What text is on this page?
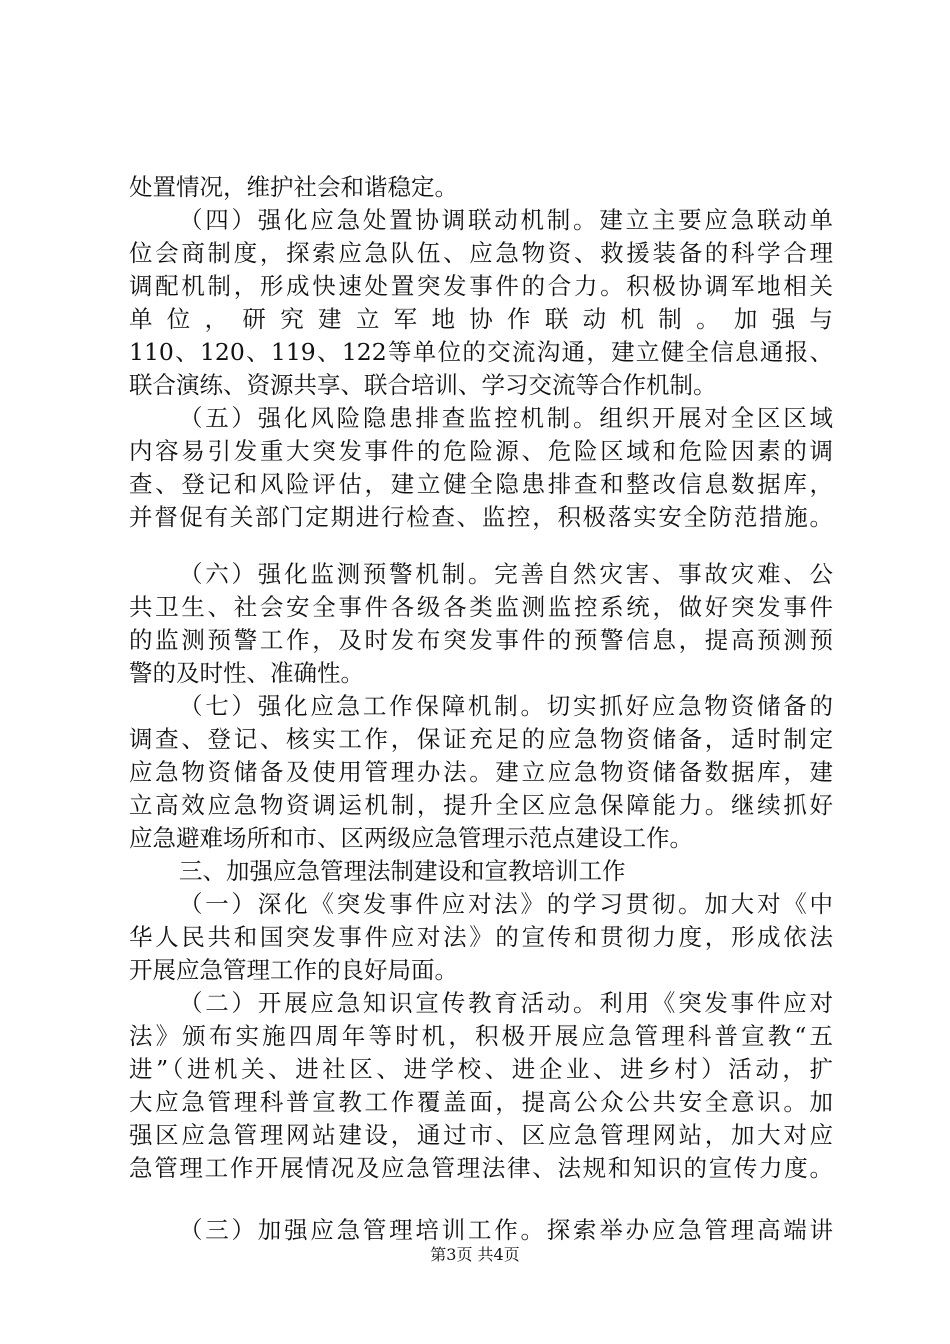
处置情况，维护社会和谐稳定。
（四）强化应急处置协调联动机制。建立主要应急联动单
位会商制度，探索应急队伍、应急物资、救援装备的科学合理
调配机制，形成快速处置突发事件的合力。积极协调军地相关
单位，研究建立军地协作联动机制。加强与
110、120、119、122等单位的交流沟通，建立健全信息通报、
联合演练、资源共享、联合培训、学习交流等合作机制。
（五）强化风险隐患排查监控机制。组织开展对全区区域
内容易引发重大突发事件的危险源、危险区域和危险因素的调
查、登记和风险评估，建立健全隐患排查和整改信息数据库，
并督促有关部门定期进行检查、监控，积极落实安全防范措施。
（六）强化监测预警机制。完善自然灾害、事故灾难、公
共卫生、社会安全事件各级各类监测监控系统，做好突发事件
的监测预警工作，及时发布突发事件的预警信息，提高预测预
警的及时性、准确性。
（七）强化应急工作保障机制。切实抓好应急物资储备的
调查、登记、核实工作，保证充足的应急物资储备，适时制定
应急物资储备及使用管理办法。建立应急物资储备数据库，建
立高效应急物资调运机制，提升全区应急保障能力。继续抓好
应急避难场所和市、区两级应急管理示范点建设工作。
三、加强应急管理法制建设和宣教培训工作
（一）深化《突发事件应对法》的学习贯彻。加大对《中
华人民共和国突发事件应对法》的宣传和贯彻力度，形成依法
开展应急管理工作的良好局面。
（二）开展应急知识宣传教育活动。利用《突发事件应对
法》颁布实施四周年等时机，积极开展应急管理科普宣教“五
进”（进机关、进社区、进学校、进企业、进乡村）活动，扩
大应急管理科普宣教工作覆盖面，提高公众公共安全意识。加
强区应急管理网站建设，通过市、区应急管理网站，加大对应
急管理工作开展情况及应急管理法律、法规和知识的宣传力度。
（三）加强应急管理培训工作。探索举办应急管理高端讲
第3页 共4页
